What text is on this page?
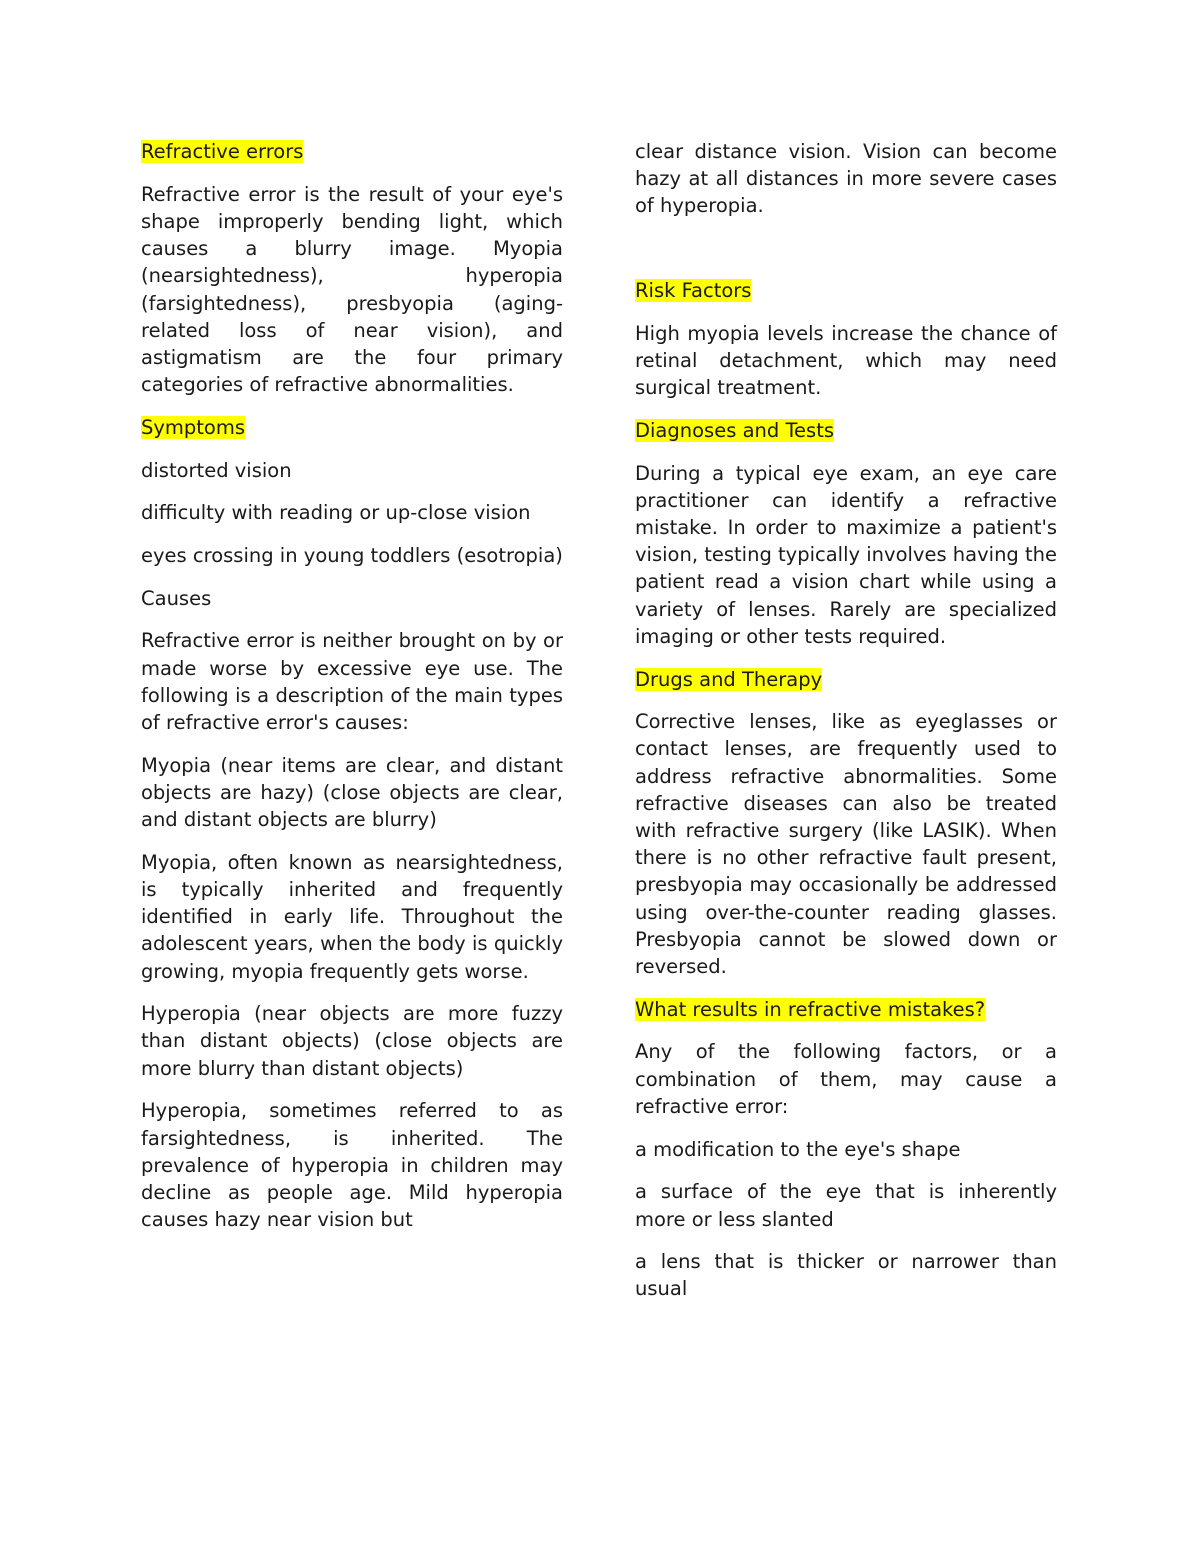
Refractive errors

Refractive error is the result of your eye's shape improperly bending light, which causes a blurry image. Myopia (nearsightedness), hyperopia (farsightedness), presbyopia (aging-related loss of near vision), and astigmatism are the four primary categories of refractive abnormalities.

Symptoms

distorted vision

difficulty with reading or up-close vision

eyes crossing in young toddlers (esotropia)

Causes

Refractive error is neither brought on by or made worse by excessive eye use. The following is a description of the main types of refractive error's causes:

Myopia (near items are clear, and distant objects are hazy) (close objects are clear, and distant objects are blurry)

Myopia, often known as nearsightedness, is typically inherited and frequently identified in early life. Throughout the adolescent years, when the body is quickly growing, myopia frequently gets worse.

Hyperopia (near objects are more fuzzy than distant objects) (close objects are more blurry than distant objects)

Hyperopia, sometimes referred to as farsightedness, is inherited. The prevalence of hyperopia in children may decline as people age. Mild hyperopia causes hazy near vision but

clear distance vision. Vision can become hazy at all distances in more severe cases of hyperopia.

Risk Factors

High myopia levels increase the chance of retinal detachment, which may need surgical treatment.

Diagnoses and Tests

During a typical eye exam, an eye care practitioner can identify a refractive mistake. In order to maximize a patient's vision, testing typically involves having the patient read a vision chart while using a variety of lenses. Rarely are specialized imaging or other tests required.

Drugs and Therapy

Corrective lenses, like as eyeglasses or contact lenses, are frequently used to address refractive abnormalities. Some refractive diseases can also be treated with refractive surgery (like LASIK). When there is no other refractive fault present, presbyopia may occasionally be addressed using over-the-counter reading glasses. Presbyopia cannot be slowed down or reversed.

What results in refractive mistakes?

Any of the following factors, or a combination of them, may cause a refractive error:

a modification to the eye's shape

a surface of the eye that is inherently more or less slanted

a lens that is thicker or narrower than usual
